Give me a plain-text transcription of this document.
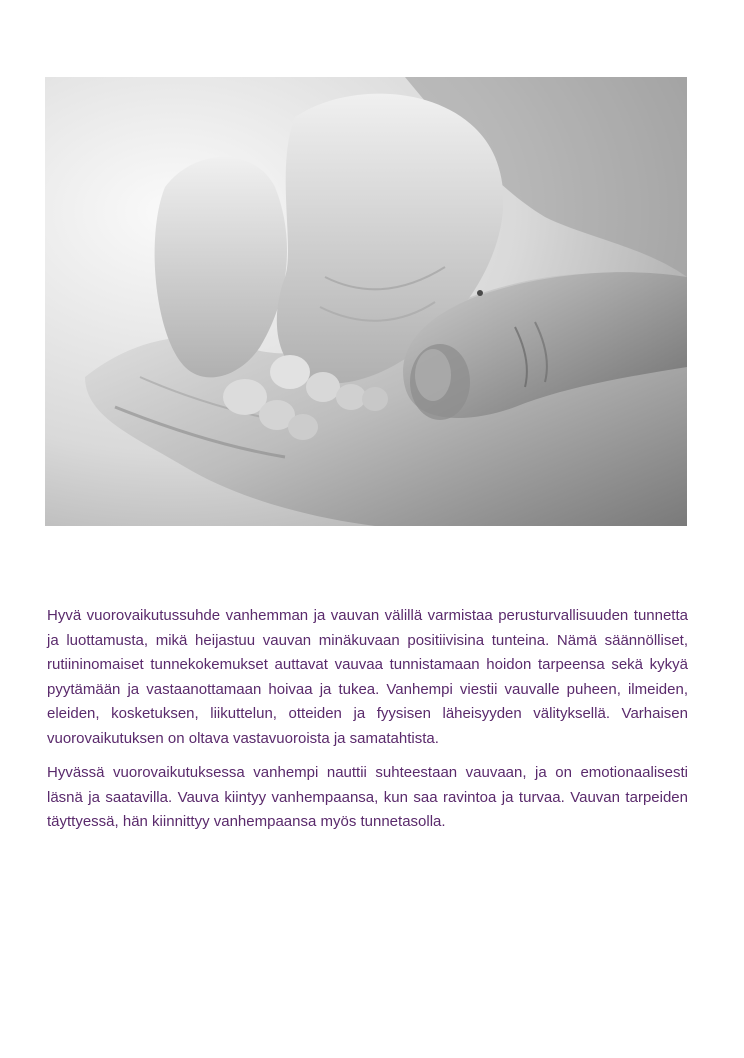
Hyvä vuorovaikutussuhde vanhemman ja vauvan välillä varmistaa perusturvallisuuden tunnetta ja luottamusta, mikä heijastuu vauvan minäkuvaan positiivisina tunteina. Nämä säännölliset, rutiininomaiset tunnekokemukset auttavat vauvaa tunnistamaan hoidon tarpeensa sekä kykyä pyytämään ja vastaanottamaan hoivaa ja tukea. Vanhempi viestii vauvalle puheen, ilmeiden, eleiden, kosketuksen, liikuttelun, otteiden ja fyysisen läheisyyden välityksellä. Varhaisen vuorovaikutuksen on oltava vastavuoroista ja samatahtista.

Hyvässä vuorovaikutuksessa vanhempi nauttii suhteestaan vauvaan, ja on emotionaalisesti läsnä ja saatavilla. Vauva kiintyy vanhempaansa, kun saa ravintoa ja turvaa. Vauvan tarpeiden täyttyessä, hän kiinnittyy vanhempaansa myös tunnetasolla.
